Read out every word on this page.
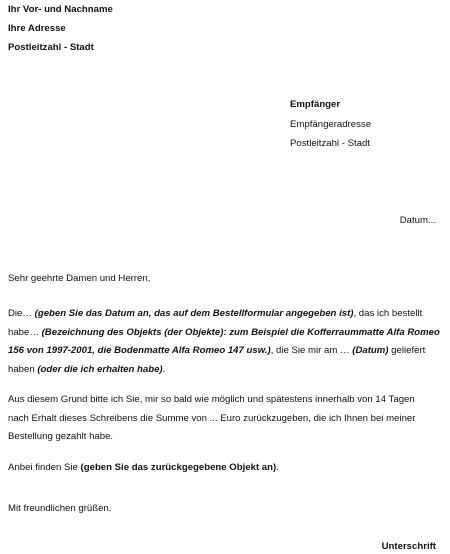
Ihr Vor- und Nachname
Ihre Adresse
Postleitzahl - Stadt
Empfänger
Empfängeradresse
Postleitzahl - Stadt
Datum...
Sehr geehrte Damen und Herren,
Die… (geben Sie das Datum an, das auf dem Bestellformular angegeben ist), das ich bestellt
habe… (Bezeichnung des Objekts (der Objekte): zum Beispiel die Kofferraummatte Alfa Romeo
156 von 1997-2001, die Bodenmatte Alfa Romeo 147 usw.), die Sie mir am … (Datum) geliefert
haben (oder die ich erhalten habe).
Aus diesem Grund bitte ich Sie, mir so bald wie möglich und spätestens innerhalb von 14 Tagen
nach Erhalt dieses Schreibens die Summe von ... Euro zurückzugeben, die ich Ihnen bei meiner
Bestellung gezahlt habe.
Anbei finden Sie (geben Sie das zurückgegebene Objekt an).
Mit freundlichen grüßen.
Unterschrift
